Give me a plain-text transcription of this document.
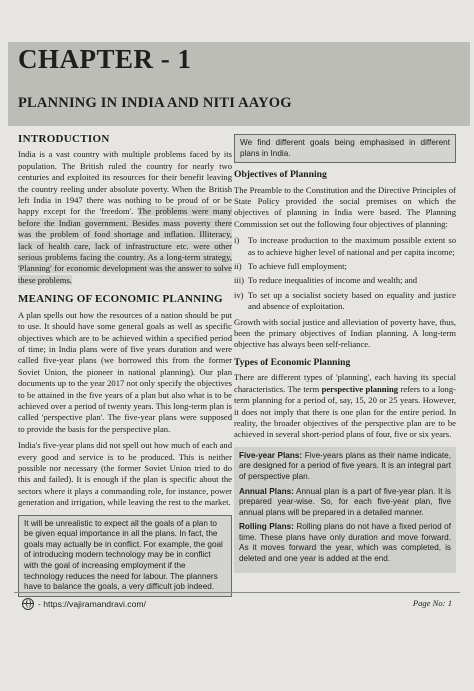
CHAPTER - 1
PLANNING IN INDIA AND NITI AAYOG
INTRODUCTION

India is a vast country with multiple problems faced by its population. The British ruled the country for nearly two centuries and exploited its resources for their benefit leaving the country reeling under absolute poverty. When the British left India in 1947 there was nothing to be proud of or be happy except for the 'freedom'. The problems were many before the Indian government. Besides mass poverty there was the problem of food shortage and inflation. Illiteracy, lack of health care, lack of infrastructure etc. were other serious problems facing the country. As a long-term strategy, 'Planning' for economic development was the answer to solve these problems.

MEANING OF ECONOMIC PLANNING

A plan spells out how the resources of a nation should be put to use. It should have some general goals as well as specific objectives which are to be achieved within a specified period of time; in India plans were of five years duration and were called five-year plans (we borrowed this from the former Soviet Union, the pioneer in national planning). Our plan documents up to the year 2017 not only specify the objectives to be attained in the five years of a plan but also what is to be achieved over a period of twenty years. This long-term plan is called 'perspective plan'. The five-year plans were supposed to provide the basis for the perspective plan.

India's five-year plans did not spell out how much of each and every good and service is to be produced. This is neither possible nor necessary (the former Soviet Union tried to do this and failed). It is enough if the plan is specific about the sectors where it plays a commanding role, for instance, power generation and irrigation, while leaving the rest to the market.

It will be unrealistic to expect all the goals of a plan to be given equal importance in all the plans. In fact, the goals may actually be in conflict. For example, the goal of introducing modern technology may be in conflict with the goal of increasing employment if the technology reduces the need for labour. The planners have to balance the goals, a very difficult job indeed.
We find different goals being emphasised in different plans in India.
Objectives of Planning

The Preamble to the Constitution and the Directive Principles of State Policy provided the social premises on which the objectives of planning in India were based. The Planning Commission set out the following four objectives of planning:

i)	To increase production to the maximum possible extent so as to achieve higher level of national and per capita income;
ii) To achieve full employment;
iii) To reduce inequalities of income and wealth; and
iv) To set up a socialist society based on equality and justice and absence of exploitation.

Growth with social justice and alleviation of poverty have, thus, been the primary objectives of Indian planning. A long-term objective has always been self-reliance.

Types of Economic Planning

There are different types of 'planning', each having its special characteristics. The term perspective planning refers to a long-term planning for a period of, say, 15, 20 or 25 years. However, it does not imply that there is one plan for the entire period. In reality, the broader objectives of the perspective plan are to be achieved in several short-period plans of four, five or six years.

Five-year Plans: Five-years plans as their name indicate, are designed for a period of five years. It is an integral part of perspective plan.

Annual Plans: Annual plan is a part of five-year plan. It is prepared year-wise. So, for each five-year plan, five annual plans will be prepared in a detailed manner.

Rolling Plans: Rolling plans do not have a fixed period of time. These plans have only duration and move forward. As it moves forward the year, which was completed, is deleted and one year is added at the end.

- https://vajiramandravi.com/	Page No: 1
